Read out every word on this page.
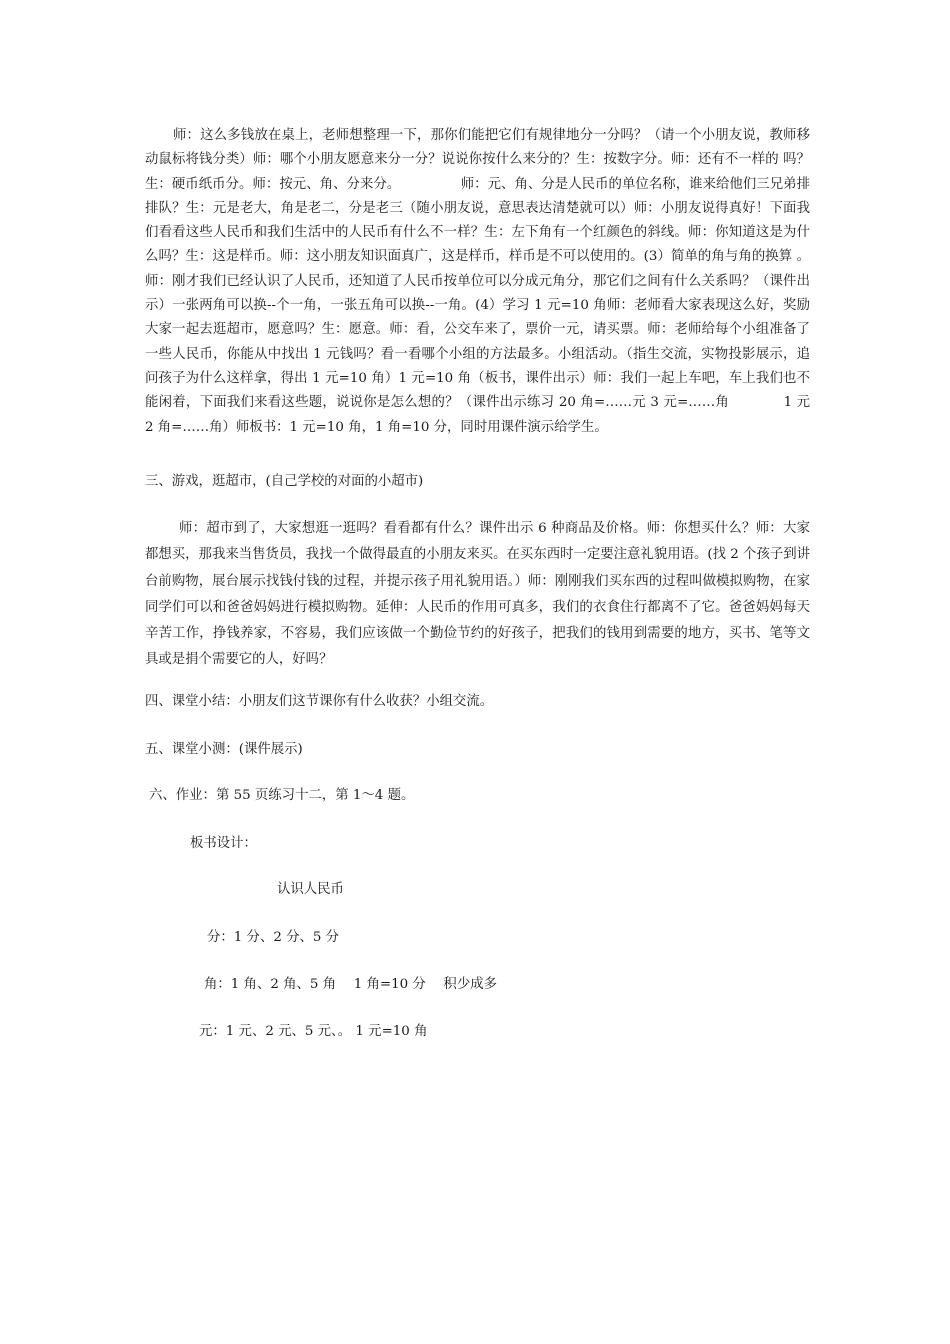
师：这么多钱放在桌上，老师想整理一下，那你们能把它们有规律地分一分吗？（请一个小朋友说，教师移动鼠标将钱分类）师：哪个小朋友愿意来分一分？说说你按什么来分的？生：按数字分。师：还有不一样的 吗？生：硬币纸币分。师：按元、角、分来分。　　　　　师：元、角、分是人民币的单位名称，谁来给他们三兄弟排排队？生：元是老大，角是老二，分是老三（随小朋友说，意思表达清楚就可以）师：小朋友说得真好！下面我们看看这些人民币和我们生活中的人民币有什么不一样？生：左下角有一个红颜色的斜线。师：你知道这是为什么吗？生：这是样币。师：这小朋友知识面真广，这是样币，样币是不可以使用的。(3）简单的角与角的换算 。师：刚才我们已经认识了人民币，还知道了人民币按单位可以分成元角分，那它们之间有什么关系吗？（课件出示）一张两角可以换--个一角，一张五角可以换--一角。(4）学习 1 元=10 角师：老师看大家表现这么好，奖励大家一起去逛超市，愿意吗？生：愿意。师：看，公交车来了，票价一元，请买票。师：老师给每个小组准备了一些人民币，你能从中找出 1 元钱吗？看一看哪个小组的方法最多。小组活动。（指生交流，实物投影展示，追问孩子为什么这样拿，得出 1 元=10 角）1 元=10 角（板书，课件出示）师：我们一起上车吧，车上我们也不能闲着，下面我们来看这些题，说说你是怎么想的？（课件出示练习 20 角=……元 3 元=……角　　　　1 元 2 角=……角）师板书：1 元=10 角，1 角=10 分，同时用课件演示给学生。

三、游戏，逛超市，(自己学校的对面的小超市)

师：超市到了，大家想逛一逛吗？看看都有什么？课件出示 6 种商品及价格。师：你想买什么？师：大家都想买，那我来当售货员，我找一个做得最直的小朋友来买。在买东西时一定要注意礼貌用语。(找 2 个孩子到讲台前购物，展台展示找钱付钱的过程，并提示孩子用礼貌用语。）师：刚刚我们买东西的过程叫做模拟购物，在家同学们可以和爸爸妈妈进行模拟购物。延伸：人民币的作用可真多，我们的衣食住行都离不了它。爸爸妈妈每天辛苦工作，挣钱养家，不容易，我们应该做一个勤俭节约的好孩子，把我们的钱用到需要的地方，买书、笔等文具或是捐个需要它的人，好吗？

四、课堂小结：小朋友们这节课你有什么收获？小组交流。

五、课堂小测：(课件展示)

六、作业：第 55 页练习十二，第 1～4 题。

板书设计：

认识人民币

分：1 分、2 分、5 分

角：1 角、2 角、5 角　 1 角=10 分　 积少成多

元：1 元、2 元、5 元、。 1 元=10 角
